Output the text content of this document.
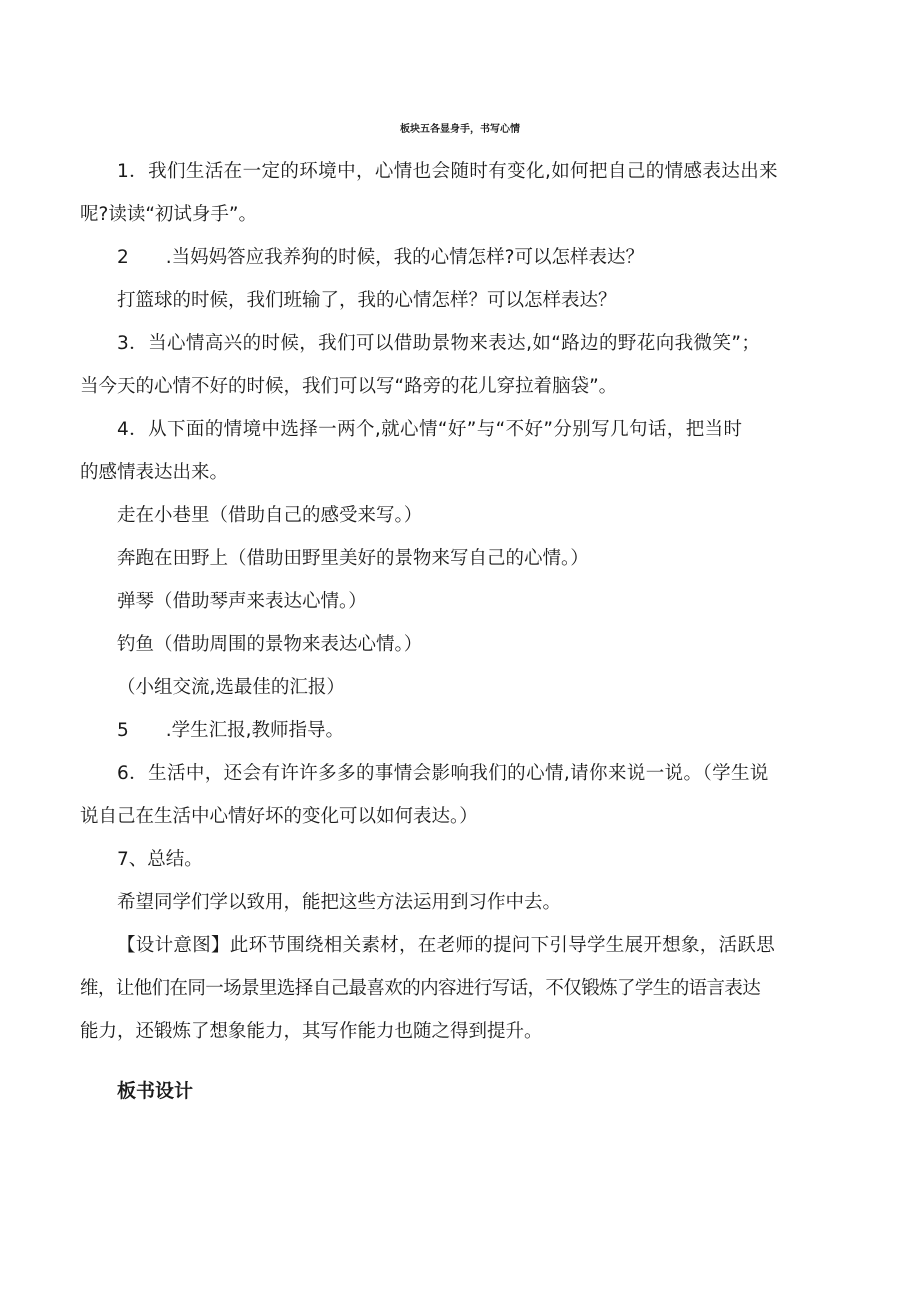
板块五各显身手，书写心情
1．我们生活在一定的环境中，心情也会随时有变化,如何把自己的情感表达出来
呢?读读“初试身手”。
2　　.当妈妈答应我养狗的时候，我的心情怎样?可以怎样表达？
打篮球的时候，我们班输了，我的心情怎样？可以怎样表达？
3．当心情高兴的时候，我们可以借助景物来表达,如“路边的野花向我微笑”；
当今天的心情不好的时候，我们可以写“路旁的花儿穿拉着脑袋”。
4．从下面的情境中选择一两个,就心情“好”与“不好”分别写几句话，把当时
的感情表达出来。
走在小巷里（借助自己的感受来写。）
奔跑在田野上（借助田野里美好的景物来写自己的心情。）
弹琴（借助琴声来表达心情。）
钓鱼（借助周围的景物来表达心情。）
（小组交流,选最佳的汇报）
5　　.学生汇报,教师指导。
6．生活中，还会有许许多多的事情会影响我们的心情,请你来说一说。（学生说
说自己在生活中心情好坏的变化可以如何表达。）
7、总结。
希望同学们学以致用，能把这些方法运用到习作中去。
【设计意图】此环节围绕相关素材，在老师的提问下引导学生展开想象，活跃思
维，让他们在同一场景里选择自己最喜欢的内容进行写话，不仅锻炼了学生的语言表达
能力，还锻炼了想象能力，其写作能力也随之得到提升。
板书设计
